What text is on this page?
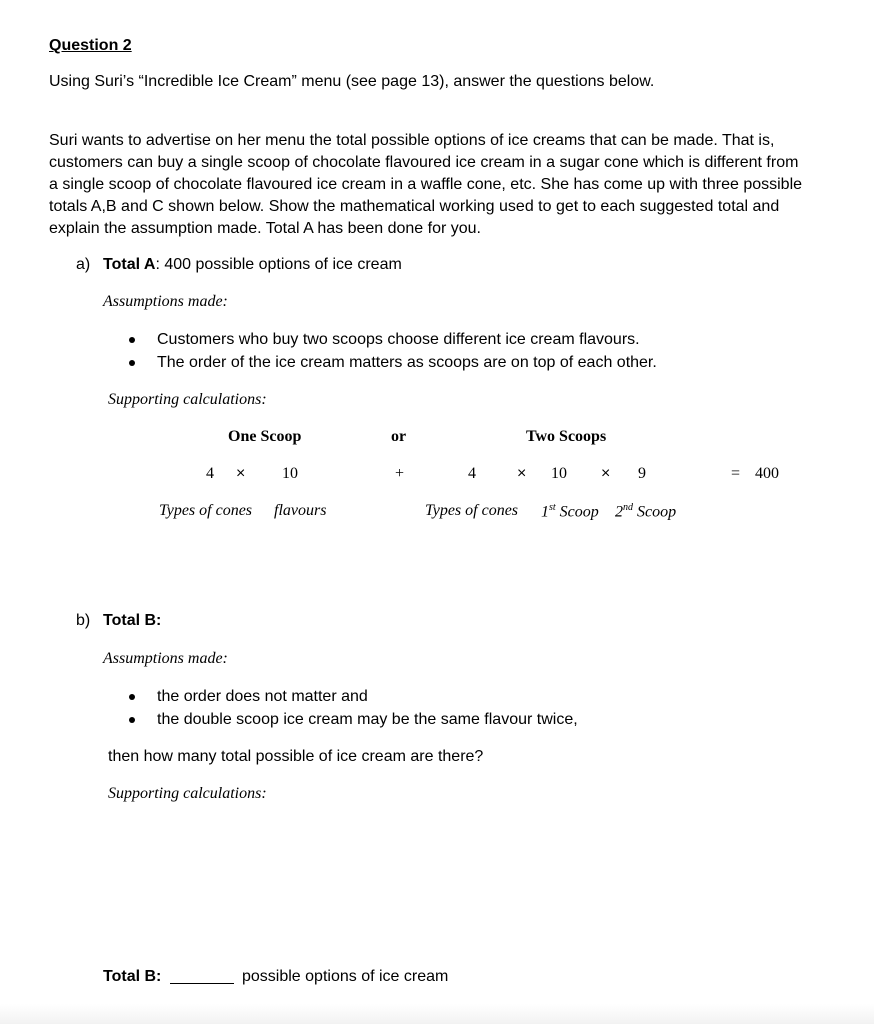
Question 2
Using Suri’s “Incredible Ice Cream” menu (see page 13), answer the questions below.
Suri wants to advertise on her menu the total possible options of ice creams that can be made. That is,
customers can buy a single scoop of chocolate flavoured ice cream in a sugar cone which is different from
a single scoop of chocolate flavoured ice cream in a waffle cone, etc. She has come up with three possible
totals A,B and C shown below. Show the mathematical working used to get to each suggested total and
explain the assumption made. Total A has been done for you.
a) Total A: 400 possible options of ice cream
Assumptions made:
Customers who buy two scoops choose different ice cream flavours.
The order of the ice cream matters as scoops are on top of each other.
Supporting calculations:
One Scoop	or	Two Scoops
4 × 10	+	4	× 10 × 9	= 400
Types of cones flavours	Types of cones 1st Scoop 2nd Scoop
b) Total B:
Assumptions made:
the order does not matter and
the double scoop ice cream may be the same flavour twice,
then how many total possible of ice cream are there?
Supporting calculations:
Total B:	possible options of ice cream
